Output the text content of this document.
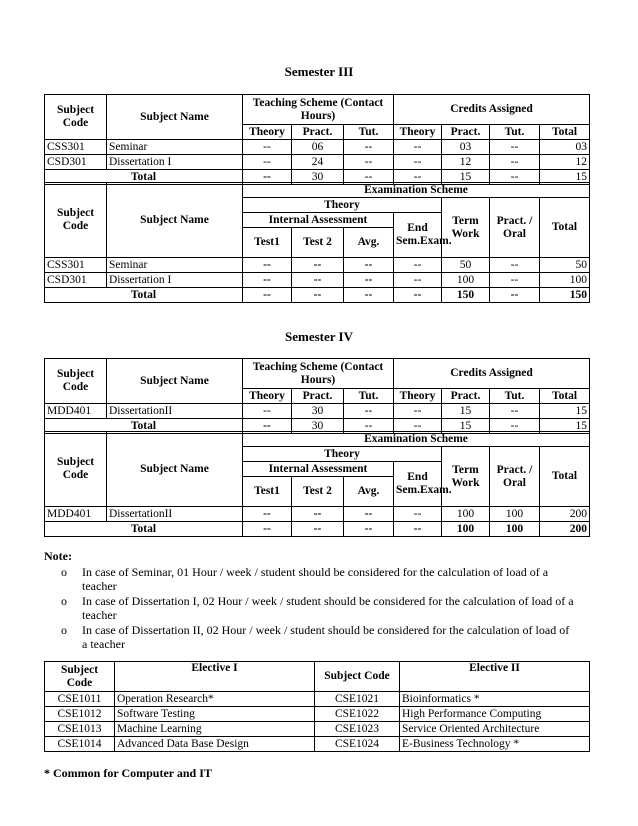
Semester III
Subject Code	Subject Name	Teaching Scheme (Contact Hours)			Credits Assigned			
		Theory	Pract.	Tut.	Theory	Pract.	Tut.	Total
CSS301	Seminar	--	06	--	--	03	--	03
CSD301	Dissertation I	--	24	--	--	12	--	12
Total		--	30	--	--	15	--	15
Subject Code	Subject Name	Examination Scheme						
		Theory				Term Work	Pract. / Oral	Total
		Internal Assessment			End Sem.Exam.			
		Test1	Test 2	Avg.				
CSS301	Seminar	--	--	--	--	50	--	50
CSD301	Dissertation I	--	--	--	--	100	--	100
Total		--	--	--	--	150	--	150
Semester IV
Subject Code	Subject Name	Teaching Scheme (Contact Hours)			Credits Assigned			
		Theory	Pract.	Tut.	Theory	Pract.	Tut.	Total
MDD401	DissertationII	--	30	--	--	15	--	15
Total		--	30	--	--	15	--	15
Subject Code	Subject Name	Examination Scheme						
		Theory				Term Work	Pract. / Oral	Total
		Internal Assessment			End Sem.Exam.			
		Test1	Test 2	Avg.				
MDD401	DissertationII	--	--	--	--	100	100	200
Total		--	--	--	--	100	100	200
Note:
o In case of Seminar, 01 Hour / week / student should be considered for the calculation of load of a teacher
o In case of Dissertation I, 02 Hour / week / student should be considered for the calculation of load of a teacher
o In case of Dissertation II, 02 Hour / week / student should be considered for the calculation of load of a teacher
Subject Code	Elective I	Subject Code	Elective II
CSE1011	Operation Research*	CSE1021	Bioinformatics *
CSE1012	Software Testing	CSE1022	High Performance Computing
CSE1013	Machine Learning	CSE1023	Service Oriented Architecture
CSE1014	Advanced Data Base Design	CSE1024	E-Business Technology *
* Common for Computer and IT
